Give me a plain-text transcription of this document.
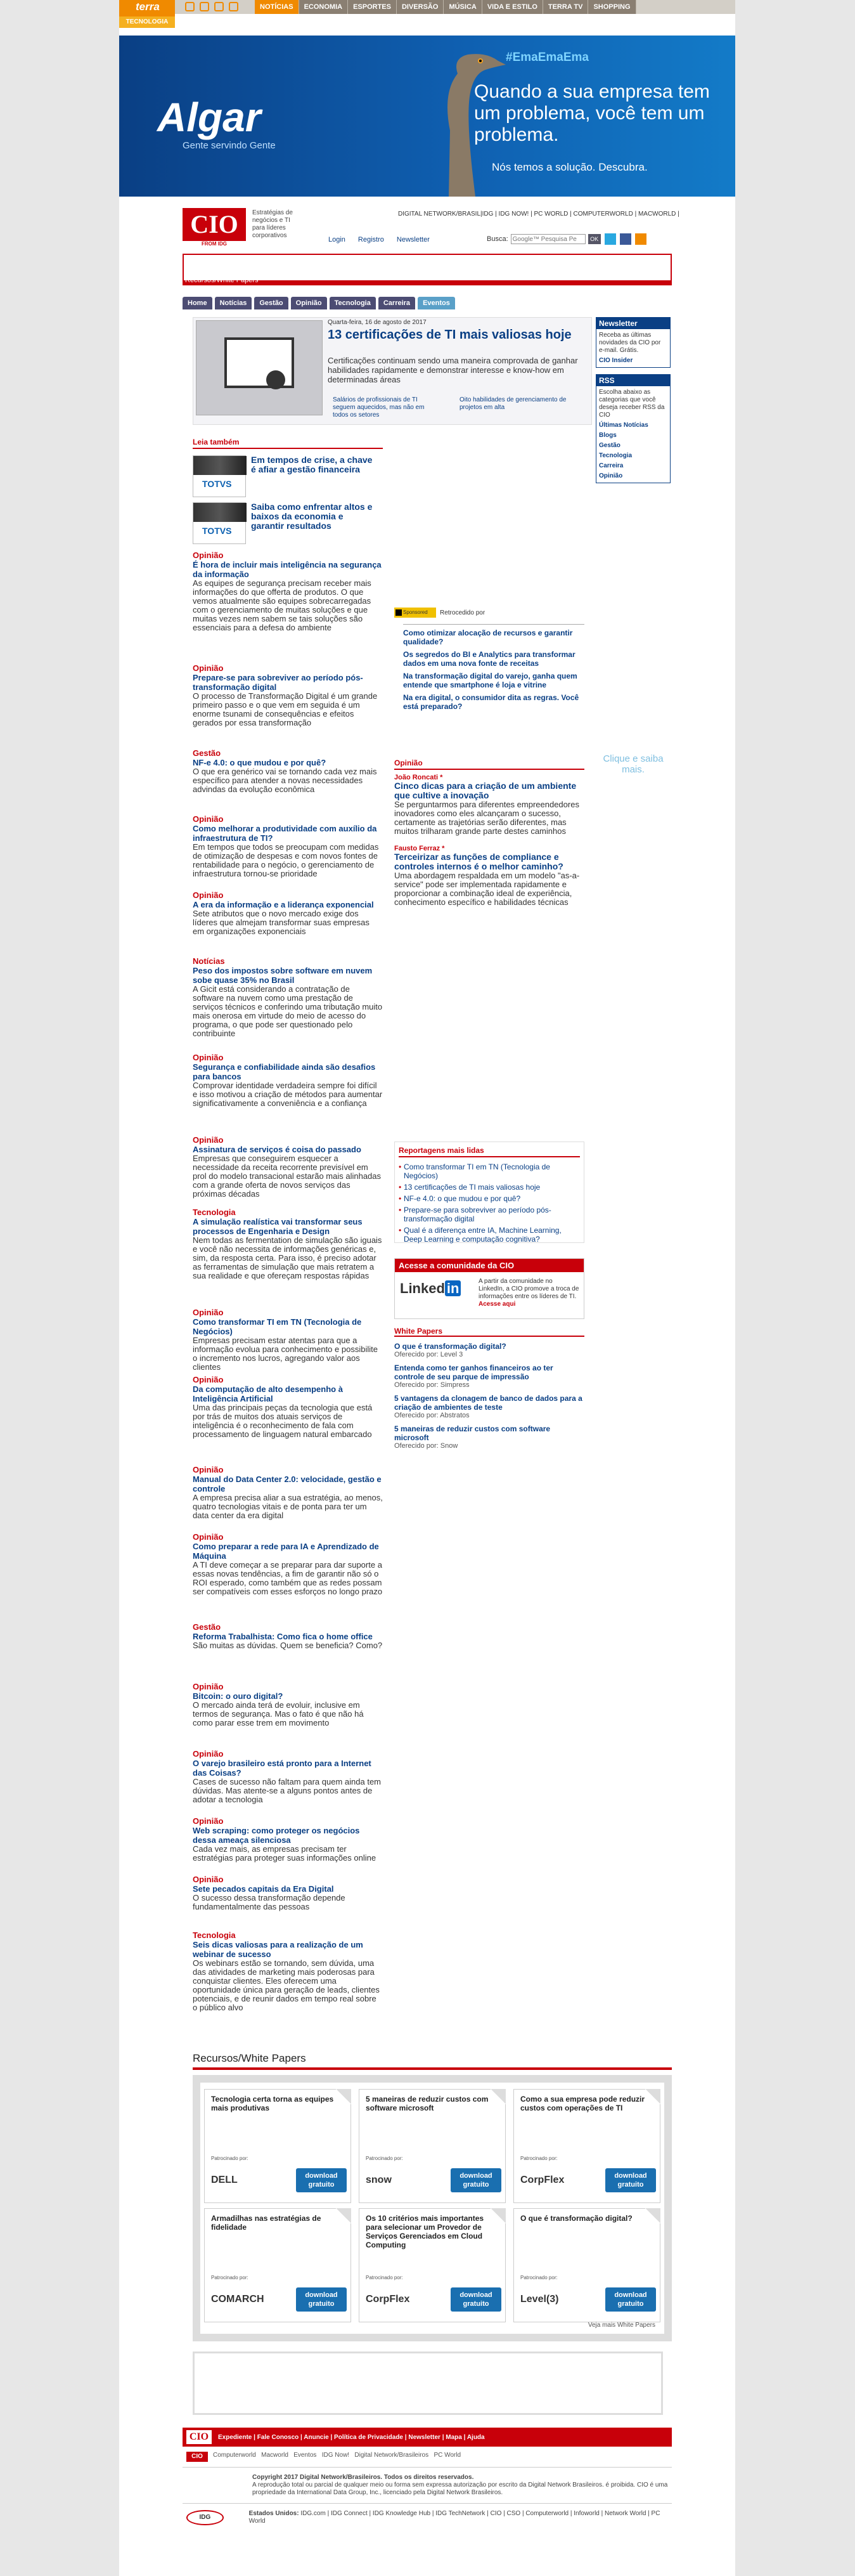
terra
TECNOLOGIA
NOTÍCIAS	ECONOMIA	ESPORTES	DIVERSÃO	MÚSICA	VIDA E ESTILO	TERRA TV	SHOPPING
Algar
Gente servindo Gente
#EmaEmaEma
Quando a sua empresa tem um problema, você tem um problema.
Nós temos a solução. Descubra.
CIO
FROM IDG
Estratégias de negócios e TI para líderes corporativos
DIGITAL NETWORK/BRASIL|IDG | IDG NOW! | PC WORLD | COMPUTERWORLD | MACWORLD |
Login Registro Newsletter	Busca:
Google™ Pesquisa Pe	OK
Recursos/White Papers
Home	Notícias	Gestão	Opinião	Tecnologia	Carreira	Eventos
Quarta-feira, 16 de agosto de 2017
13 certificações de TI mais valiosas hoje
Certificações continuam sendo uma maneira comprovada de ganhar habilidades rapidamente e demonstrar interesse e know-how em determinadas áreas
Salários de profissionais de TI seguem aquecidos, mas não em todos os setores
Oito habilidades de gerenciamento de projetos em alta
Leia também
TOTVS
Em tempos de crise, a chave é afiar a gestão financeira
TOTVS
Saiba como enfrentar altos e baixos da economia e garantir resultados
Opinião
É hora de incluir mais inteligência na segurança da informação
As equipes de segurança precisam receber mais informações do que offerta de produtos. O que vemos atualmente são equipes sobrecarregadas com o gerenciamento de muitas soluções e que muitas vezes nem sabem se tais soluções são essenciais para a defesa do ambiente
Opinião
Prepare-se para sobreviver ao período pós-transformação digital
O processo de Transformação Digital é um grande primeiro passo e o que vem em seguida é um enorme tsunami de consequências e efeitos gerados por essa transformação
Gestão
NF-e 4.0: o que mudou e por quê?
O que era genérico vai se tornando cada vez mais específico para atender a novas necessidades advindas da evolução econômica
Opinião
Como melhorar a produtividade com auxílio da infraestrutura de TI?
Em tempos que todos se preocupam com medidas de otimização de despesas e com novos fontes de rentabilidade para o negócio, o gerenciamento de infraestrutura tornou-se prioridade
Opinião
A era da informação e a liderança exponencial
Sete atributos que o novo mercado exige dos líderes que almejam transformar suas empresas em organizações exponenciais
Notícias
Peso dos impostos sobre software em nuvem sobe quase 35% no Brasil
A Gicit está considerando a contratação de software na nuvem como uma prestação de serviços técnicos e conferindo uma tributação muito mais onerosa em virtude do meio de acesso do programa, o que pode ser questionado pelo contribuinte
Opinião
Segurança e confiabilidade ainda são desafios para bancos
Comprovar identidade verdadeira sempre foi difícil e isso motivou a criação de métodos para aumentar significativamente a conveniência e a confiança
Opinião
Assinatura de serviços é coisa do passado
Empresas que conseguirem esquecer a necessidade da receita recorrente previsível em prol do modelo transacional estarão mais alinhadas com a grande oferta de novos serviços das próximas décadas
Tecnologia
A simulação realística vai transformar seus processos de Engenharia e Design
Nem todas as fermentation de simulação são iguais e você não necessita de informações genéricas e, sim, da resposta certa. Para isso, é preciso adotar as ferramentas de simulação que mais retratem a sua realidade e que ofereçam respostas rápidas
Opinião
Como transformar TI em TN (Tecnologia de Negócios)
Empresas precisam estar atentas para que a informação evolua para conhecimento e possibilite o incremento nos lucros, agregando valor aos clientes
Opinião
Da computação de alto desempenho à Inteligência Artificial
Uma das principais peças da tecnologia que está por trás de muitos dos atuais serviços de inteligência é o reconhecimento de fala com processamento de linguagem natural embarcado
Opinião
Manual do Data Center 2.0: velocidade, gestão e controle
A empresa precisa aliar a sua estratégia, ao menos, quatro tecnologias vitais e de ponta para ter um data center da era digital
Opinião
Como preparar a rede para IA e Aprendizado de Máquina
A TI deve começar a se preparar para dar suporte a essas novas tendências, a fim de garantir não só o ROI esperado, como também que as redes possam ser compatíveis com esses esforços no longo prazo
Gestão
Reforma Trabalhista: Como fica o home office
São muitas as dúvidas. Quem se beneficia? Como?
Opinião
Bitcoin: o ouro digital?
O mercado ainda terá de evoluir, inclusive em termos de segurança. Mas o fato é que não há como parar esse trem em movimento
Opinião
O varejo brasileiro está pronto para a Internet das Coisas?
Cases de sucesso não faltam para quem ainda tem dúvidas. Mas atente-se a alguns pontos antes de adotar a tecnologia
Opinião
Web scraping: como proteger os negócios dessa ameaça silenciosa
Cada vez mais, as empresas precisam ter estratégias para proteger suas informações online
Opinião
Sete pecados capitais da Era Digital
O sucesso dessa transformação depende fundamentalmente das pessoas
Tecnologia
Seis dicas valiosas para a realização de um webinar de sucesso
Os webinars estão se tornando, sem dúvida, uma das atividades de marketing mais poderosas para conquistar clientes. Eles oferecem uma oportunidade única para geração de leads, clientes potenciais, e de reunir dados em tempo real sobre o público alvo
Sponsored	Retrocedido por
Como otimizar alocação de recursos e garantir qualidade?
Os segredos do BI e Analytics para transformar dados em uma nova fonte de receitas
Na transformação digital do varejo, ganha quem entende que smartphone é loja e vitrine
Na era digital, o consumidor dita as regras. Você está preparado?
Opinião
João Roncati *
Cinco dicas para a criação de um ambiente que cultive a inovação
Se perguntarmos para diferentes empreendedores inovadores como eles alcançaram o sucesso, certamente as trajetórias serão diferentes, mas muitos trilharam grande parte destes caminhos
Fausto Ferraz *
Terceirizar as funções de compliance e controles internos é o melhor caminho?
Uma abordagem respaldada em um modelo "as-a-service" pode ser implementada rapidamente e proporcionar a combinação ideal de experiência, conhecimento específico e habilidades técnicas
Reportagens mais lidas
• Como transformar TI em TN (Tecnologia de Negócios)
• 13 certificações de TI mais valiosas hoje
• NF-e 4.0: o que mudou e por quê?
• Prepare-se para sobreviver ao período pós-transformação digital
• Qual é a diferença entre IA, Machine Learning, Deep Learning e computação cognitiva?
Acesse a comunidade da CIO
Linked in	A partir da comunidade no LinkedIn, a CIO promove a troca de informações entre os líderes de TI. Acesse aqui
White Papers
O que é transformação digital?
Oferecido por: Level 3
Entenda como ter ganhos financeiros ao ter controle de seu parque de impressão
Oferecido por: Simpress
5 vantagens da clonagem de banco de dados para a criação de ambientes de teste
Oferecido por: Abstratos
5 maneiras de reduzir custos com software microsoft
Oferecido por: Snow
Newsletter
Receba as últimas novidades da CIO por e-mail. Grátis.
CIO Insider
RSS
Escolha abaixo as categorias que você deseja receber RSS da CIO
Últimas Notícias
Blogs
Gestão
Tecnologia
Carreira
Opinião
Clique e saiba mais.
Recursos/White Papers
Tecnologia certa torna as equipes mais produtivas
Patrocinado por:
DELL	download gratuito
5 maneiras de reduzir custos com software microsoft
Patrocinado por:
snow	download gratuito
Como a sua empresa pode reduzir custos com operações de TI
Patrocinado por:
CorpFlex	download gratuito
Armadilhas nas estratégias de fidelidade
Patrocinado por:
COMARCH	download gratuito
Os 10 critérios mais importantes para selecionar um Provedor de Serviços Gerenciados em Cloud Computing
Patrocinado por:
CorpFlex	download gratuito
O que é transformação digital?
Patrocinado por:
Level(3)	download gratuito
Veja mais White Papers
CIO	Expediente | Fale Conosco | Anuncie | Política de Privacidade | Newsletter | Mapa | Ajuda
CIO	Computerworld   Macworld   Eventos   IDG Now!   Digital Network/Brasileiros   PC World
Copyright 2017 Digital Network/Brasileiros. Todos os direitos reservados.
A reprodução total ou parcial de qualquer meio ou forma sem expressa autorização por escrito da Digital Network Brasileiros. é proibida. CIO é uma propriedade da International Data Group, Inc., licenciado pela Digital Network Brasileiros.
IDG
Estados Unidos: IDG.com | IDG Connect | IDG Knowledge Hub | IDG TechNetwork | CIO | CSO | Computerworld | Infoworld | Network World | PC World
